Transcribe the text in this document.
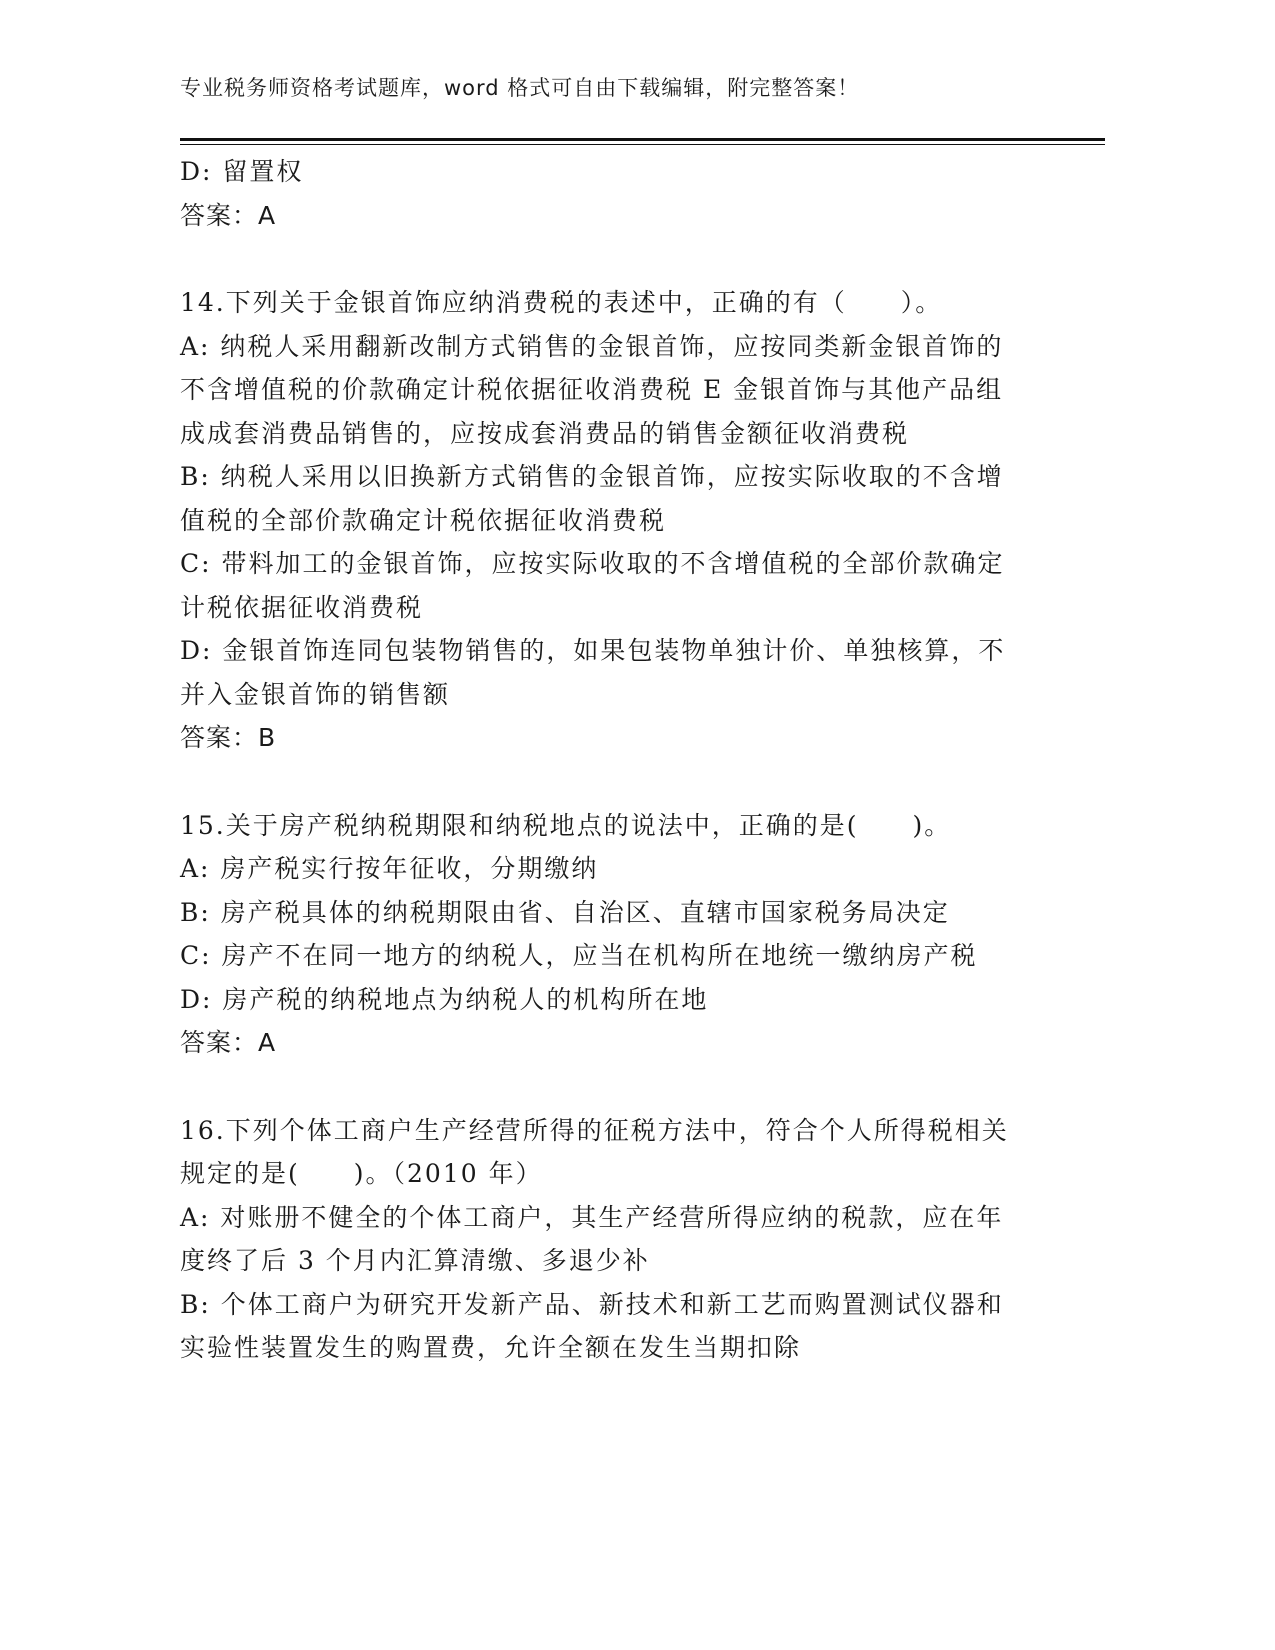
专业税务师资格考试题库，word 格式可自由下载编辑，附完整答案！
D: 留置权
答案：A
14.下列关于金银首饰应纳消费税的表述中，正确的有（　　）。
A: 纳税人采用翻新改制方式销售的金银首饰，应按同类新金银首饰的
不含增值税的价款确定计税依据征收消费税 E 金银首饰与其他产品组
成成套消费品销售的，应按成套消费品的销售金额征收消费税
B: 纳税人采用以旧换新方式销售的金银首饰，应按实际收取的不含增
值税的全部价款确定计税依据征收消费税
C: 带料加工的金银首饰，应按实际收取的不含增值税的全部价款确定
计税依据征收消费税
D: 金银首饰连同包装物销售的，如果包装物单独计价、单独核算，不
并入金银首饰的销售额
答案：B
15.关于房产税纳税期限和纳税地点的说法中，正确的是(　　)。
A: 房产税实行按年征收，分期缴纳
B: 房产税具体的纳税期限由省、自治区、直辖市国家税务局决定
C: 房产不在同一地方的纳税人，应当在机构所在地统一缴纳房产税
D: 房产税的纳税地点为纳税人的机构所在地
答案：A
16.下列个体工商户生产经营所得的征税方法中，符合个人所得税相关
规定的是(　　)。（2010 年）
A: 对账册不健全的个体工商户，其生产经营所得应纳的税款，应在年
度终了后 3 个月内汇算清缴、多退少补
B: 个体工商户为研究开发新产品、新技术和新工艺而购置测试仪器和
实验性装置发生的购置费，允许全额在发生当期扣除
